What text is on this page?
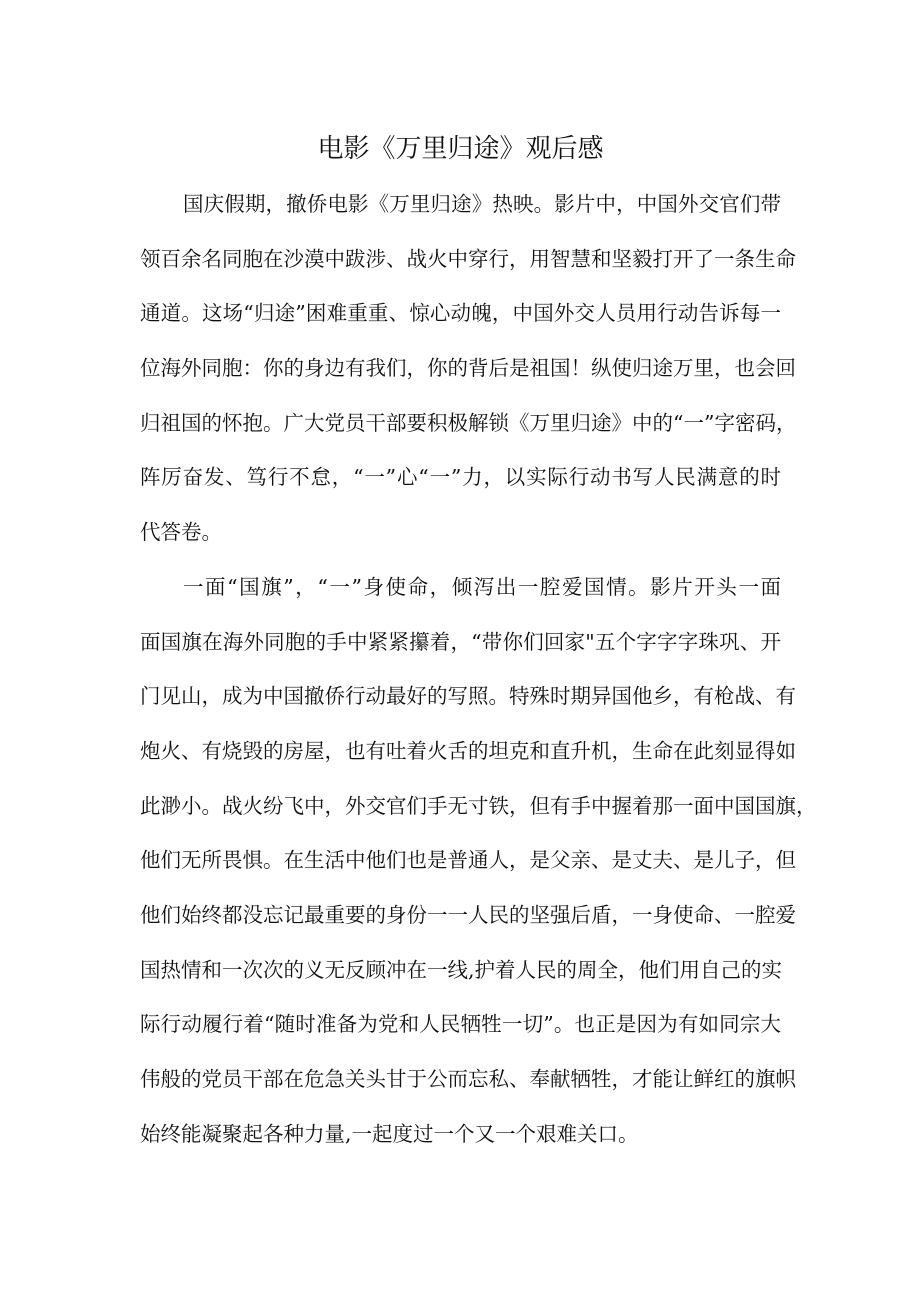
电影《万里归途》观后感
国庆假期，撤侨电影《万里归途》热映。影片中，中国外交官们带
领百余名同胞在沙漠中跋涉、战火中穿行，用智慧和坚毅打开了一条生命
通道。这场“归途”困难重重、惊心动魄，中国外交人员用行动告诉每一
位海外同胞：你的身边有我们，你的背后是祖国！纵使归途万里，也会回
归祖国的怀抱。广大党员干部要积极解锁《万里归途》中的“一”字密码，
阵厉奋发、笃行不怠，“一”心“一”力，以实际行动书写人民满意的时
代答卷。
一面“国旗”，“一”身使命，倾泻出一腔爱国情。影片开头一面
面国旗在海外同胞的手中紧紧攥着，“带你们回家"五个字字字珠巩、开
门见山，成为中国撤侨行动最好的写照。特殊时期异国他乡，有枪战、有
炮火、有烧毁的房屋，也有吐着火舌的坦克和直升机，生命在此刻显得如
此渺小。战火纷飞中，外交官们手无寸铁，但有手中握着那一面中国国旗，
他们无所畏惧。在生活中他们也是普通人，是父亲、是丈夫、是儿子，但
他们始终都没忘记最重要的身份一一人民的坚强后盾，一身使命、一腔爱
国热情和一次次的义无反顾冲在一线,护着人民的周全，他们用自己的实
际行动履行着“随时准备为党和人民牺牲一切”。也正是因为有如同宗大
伟般的党员干部在危急关头甘于公而忘私、奉献牺牲，才能让鲜红的旗帜
始终能凝聚起各种力量,一起度过一个又一个艰难关口。
